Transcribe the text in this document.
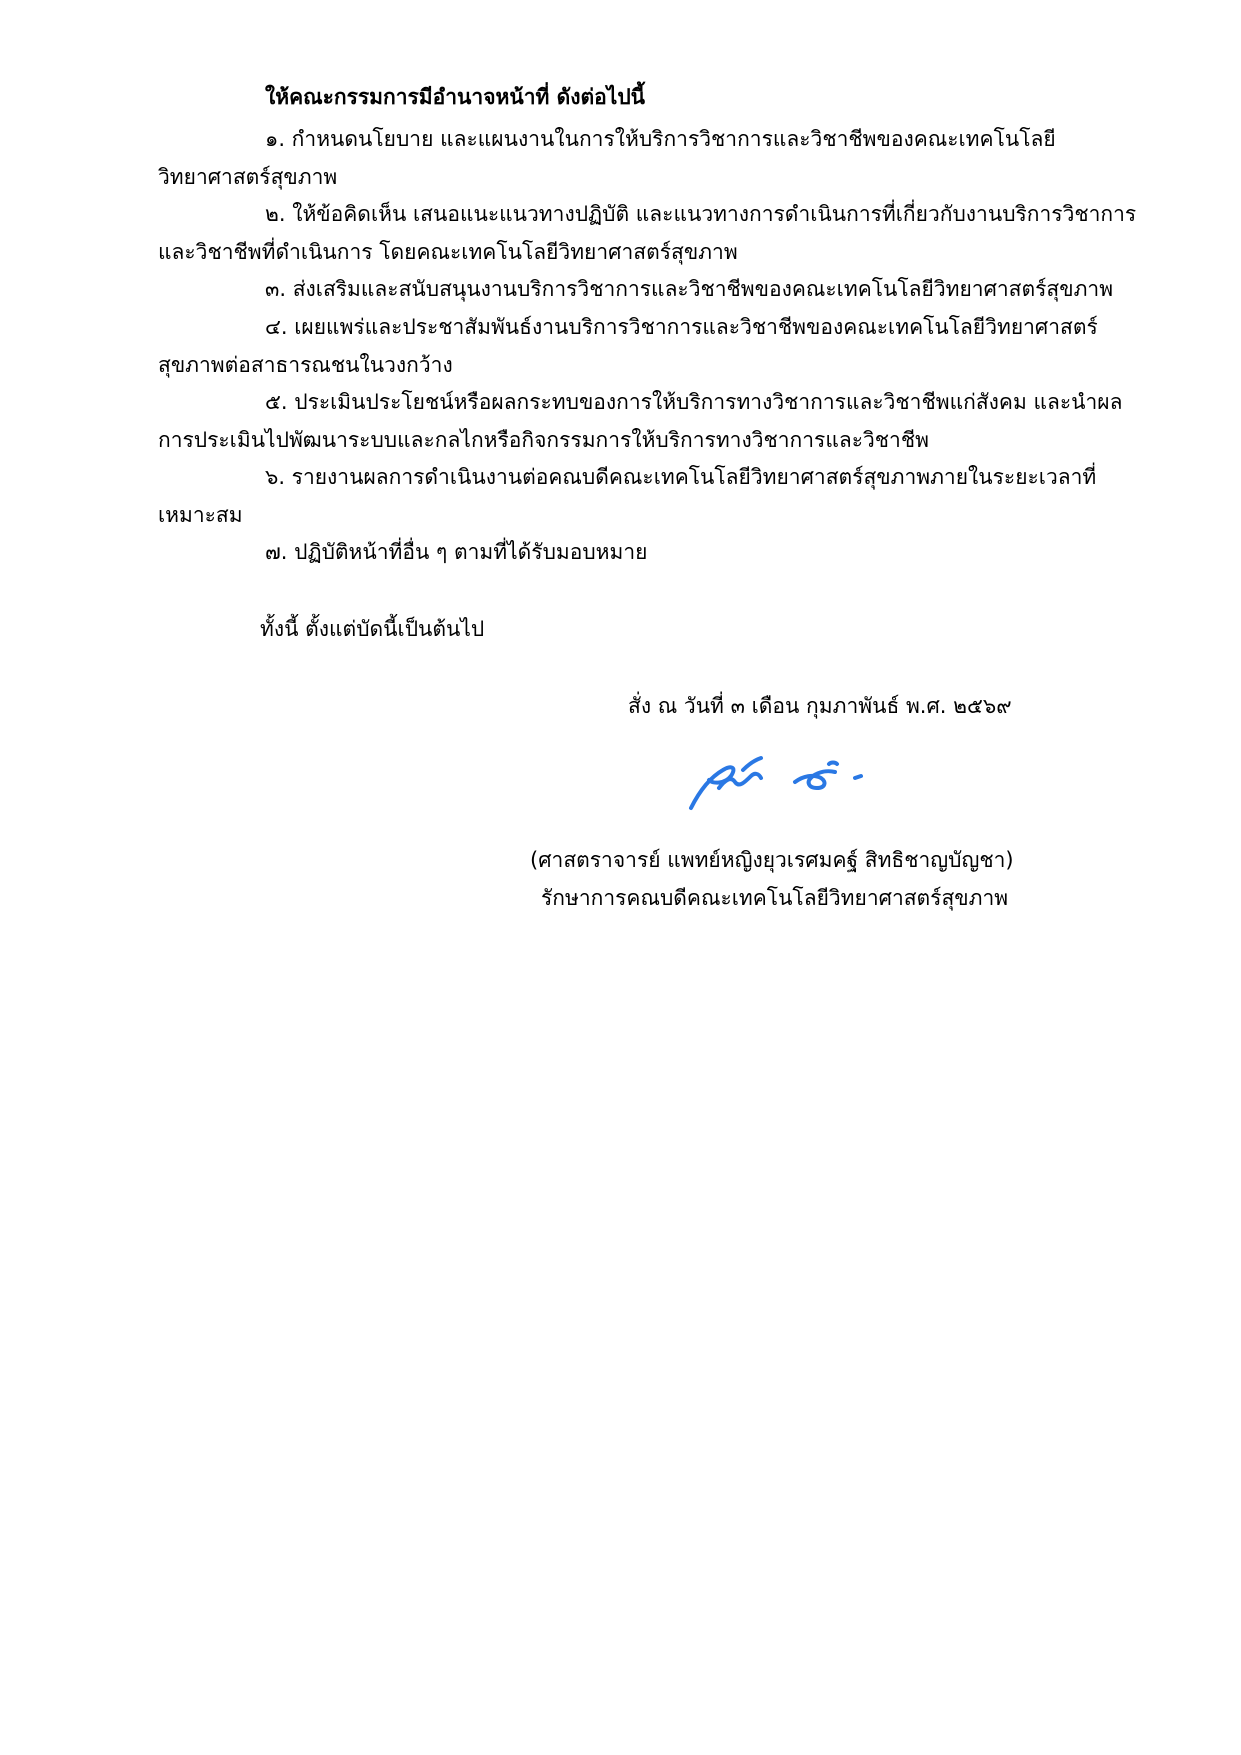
ให้คณะกรรมการมีอำนาจหน้าที่ ดังต่อไปนี้
๑. กำหนดนโยบาย และแผนงานในการให้บริการวิชาการและวิชาชีพของคณะเทคโนโลยี
วิทยาศาสตร์สุขภาพ
๒. ให้ข้อคิดเห็น เสนอแนะแนวทางปฏิบัติ และแนวทางการดำเนินการที่เกี่ยวกับงานบริการวิชาการ
และวิชาชีพที่ดำเนินการ โดยคณะเทคโนโลยีวิทยาศาสตร์สุขภาพ
๓. ส่งเสริมและสนับสนุนงานบริการวิชาการและวิชาชีพของคณะเทคโนโลยีวิทยาศาสตร์สุขภาพ
๔. เผยแพร่และประชาสัมพันธ์งานบริการวิชาการและวิชาชีพของคณะเทคโนโลยีวิทยาศาสตร์
สุขภาพต่อสาธารณชนในวงกว้าง
๕. ประเมินประโยชน์หรือผลกระทบของการให้บริการทางวิชาการและวิชาชีพแก่สังคม และนำผล
การประเมินไปพัฒนาระบบและกลไกหรือกิจกรรมการให้บริการทางวิชาการและวิชาชีพ
๖. รายงานผลการดำเนินงานต่อคณบดีคณะเทคโนโลยีวิทยาศาสตร์สุขภาพภายในระยะเวลาที่
เหมาะสม
๗. ปฏิบัติหน้าที่อื่น ๆ ตามที่ได้รับมอบหมาย
ทั้งนี้ ตั้งแต่บัดนี้เป็นต้นไป
สั่ง ณ วันที่ ๓ เดือน กุมภาพันธ์ พ.ศ. ๒๕๖๙
(ศาสตราจารย์ แพทย์หญิงยุวเรศมคฐ์ สิทธิชาญบัญชา)
รักษาการคณบดีคณะเทคโนโลยีวิทยาศาสตร์สุขภาพ
